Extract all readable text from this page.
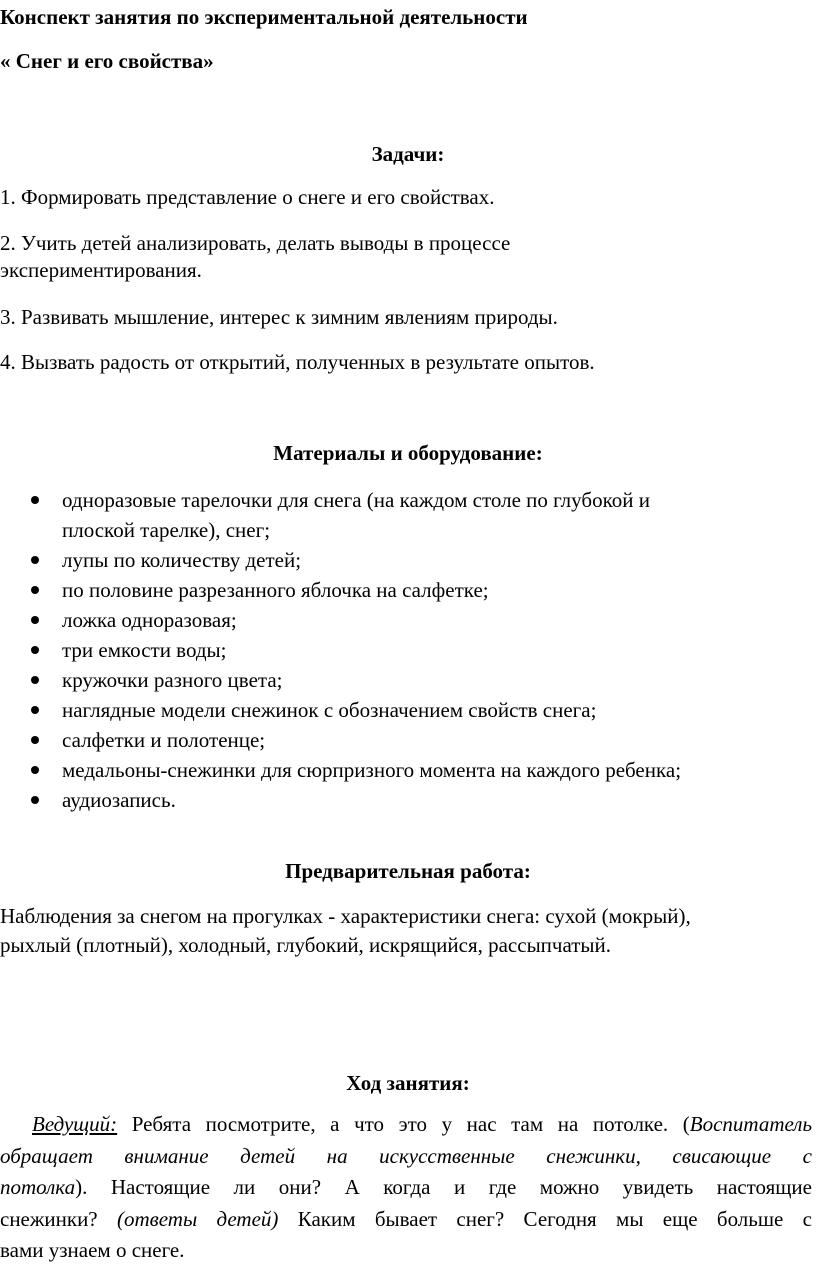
Конспект занятия по экспериментальной деятельности

« Снег и его свойства»

Задачи:

1. Формировать представление о снеге и его свойствах.

2. Учить детей анализировать, делать выводы в процессе

экспериментирования.

3. Развивать мышление, интерес к зимним явлениям природы.

4. Вызвать радость от открытий, полученных в результате опытов.

Материалы и оборудование:

одноразовые тарелочки для снега (на каждом столе по глубокой и
плоской тарелке), снег;
лупы по количеству детей;
по половине разрезанного яблочка на салфетке;
ложка одноразовая;
три емкости воды;
кружочки разного цвета;
наглядные модели снежинок с обозначением свойств снега;
салфетки и полотенце;
медальоны-снежинки для сюрпризного момента на каждого ребенка;
аудиозапись.

Предварительная работа:

Наблюдения за снегом на прогулках - характеристики снега: сухой (мокрый),

рыхлый (плотный), холодный, глубокий, искрящийся, рассыпчатый.

Ход занятия:

Ведущий: Ребята посмотрите, а что это у нас там на потолке. (Воспитатель
обращает внимание детей на искусственные снежинки, свисающие с
потолка). Настоящие ли они? А когда и где можно увидеть настоящие
снежинки? (ответы детей) Каким бывает снег? Сегодня мы еще больше с
вами узнаем о снеге.
